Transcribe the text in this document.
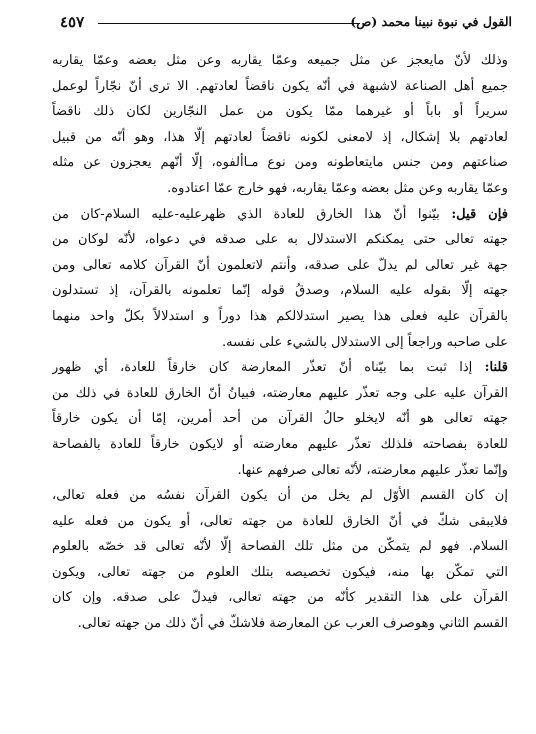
٤٥٧	القول في نبوة نبينا محمد (ص)
وذلك لأنّ مايعجز عن مثل جميعه وعمّا يقاربه وعن مثل بعضه وعمّا يقاربه
جميع أهل الصناعة لاشبهة في أنّه يكون ناقضاً لعادتهم. الا ترى أنّ نجّاراً لوعمل
سريراً أو باباً أو غيرهما ممّا يكون من عمل النجّارين لكان ذلك ناقضاً
لعادتهم بلا إشكال، إذ لامعنى لكونه ناقضاً لعادتهم إلّا هذا، وهو أنّه من قبيل
صناعتهم ومن جنس مايتعاطونه ومن نوع مـاألفوه، إلّا أنّهم يعجزون عن مثله
وعمّا يقاربه وعن مثل بعضه وعمّا يقاربه، فهو خارج عمّا اعتادوه.
فإن قيل: بيّنوا أنّ هذا الخارق للعادة الذي ظهرعليه-عليه السلام-كان من
جهته تعالى حتى يمكنكم الاستدلال به على صدقه في دعواه، لأنّه لوكان من
جهة غير تعالى لم يدلّ على صدقه، وأنتم لاتعلمون أنّ القرآن كلامه تعالى ومن
جهته إلّا بقوله عليه السلام، وصدقُ قوله إنّما تعلمونه بالقرآن، إذ تستدلون
بالقرآن عليه فعلى هذا يصير استدلالكم هذا دوراً و استدلالاً بكلّ واحد منهما
على صاحبه وراجعاً إلى الاستدلال بالشيء على نفسه.
قلنا: إذا ثبت بما بيّناه أنّ تعذّر المعارضة كان خارقاً للعادة، أي ظهور
القرآن عليه على وجه تعذّر عليهم معارضته، فبيانُ أنّ الخارق للعادة في ذلك من
جهته تعالى هو أنّه لايخلو حالُ القرآن من أحد أمرين، إمّا أن يكون خارقاً
للعادة بفصاحته فلذلك تعذّر عليهم معارضته أو لايكون خارقاً للعادة بالفصاحة
وإنّما تعذّر عليهم معارضته، لأنّه تعالى صرفهم عنها.
إن كان القسم الأوّل لم يخل من أن يكون القرآن نفسُه من فعله تعالى،
فلايبقى شكّ في أنّ الخارق للعادة من جهته تعالى، أو يكون من فعله عليه
السلام. فهو لم يتمكّن من مثل تلك الفصاحة إلّا لأنّه تعالى قد خصّه بالعلوم
التي تمكّن بها منه، فيكون تخصيصه بتلك العلوم من جهته تعالى، ويكون
القرآن على هذا التقدير كأنّه من جهته تعالى، فيدلّ على صدقه. وإن كان
القسم الثاني وهوصرف العرب عن المعارضة فلاشكّ في أنّ ذلك من جهته تعالى.
